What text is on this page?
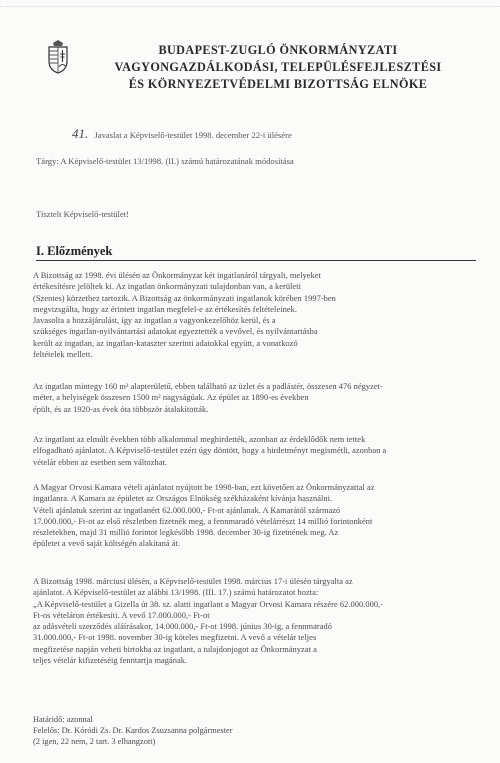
BUDAPEST-ZUGLÓ ÖNKORMÁNYZATI
VAGYONGAZDÁLKODÁSI, TELEPÜLÉSFEJLESZTÉSI
ÉS KÖRNYEZETVÉDELMI BIZOTTSÁG ELNÖKE
41. Javaslat a Képviselő-testület 1998. december 22-i ülésére
Tárgy: A Képviselő-testület 13/1998. (II.) számú határozatának módosítása
Tisztelt Képviselő-testület!
I. Előzmények
A Bizottság az 1998. évi ülésén az Önkormányzat két ingatlanáról tárgyalt, melyeket
értékesítésre jelöltek ki. Az ingatlan önkormányzati tulajdonban van, a kerületi
(Szentes) körzethez tartozik. A Bizottság az önkormányzati ingatlanok körében 1997-ben
megvizsgálta, hogy az érintett ingatlan megfelel-e az értékesítés feltételeinek.
Javasolta a hozzájárulást, így az ingatlan a vagyonkezelőhöz kerül, és a
szükséges ingatlan-nyilvántartási adatokat egyeztették a vevővel, és nyilvántartásba
került az ingatlan, az ingatlan-kataszter szerinti adatokkal együtt, a vonatkozó
feltételek mellett.
Az ingatlan mintegy 160 m² alapterületű, ebben található az üzlet és a padlástér, összesen 476 négyzet-
méter, a helyiségek összesen 1500 m² nagyságúak. Az épület az 1890-es években
épült, és az 1920-as évek óta többször átalakították.
Az ingatlant az elmúlt években több alkalommal meghirdették, azonban az érdeklődők nem tettek
elfogadható ajánlatot. A Képviselő-testület ezért úgy döntött, hogy a hirdetményt megismétli, azonban a
vételár ebben az esetben sem változhat.
A Magyar Orvosi Kamara vételi ajánlatot nyújtott be 1998-ban, ezt követően az Önkormányzattal az
ingatlanra. A Kamara az épületet az Országos Elnökség székházaként kívánja használni.
Vételi ajánlatuk szerint az ingatlanért 62.000.000,- Ft-ot ajánlanak. A Kamarától származó
17.000.000,- Ft-ot az első részletben fizetnék meg, a fennmaradó vételárrészt 14 millió forintonként
részletekben, majd 31 millió forintot legkésőbb 1998. december 30-ig fizetnének meg. Az
épületet a vevő saját költségén alakítaná át.
A Bizottság 1998. márciusi ülésén, a Képviselő-testület 1998. március 17-i ülésén tárgyalta az
ajánlatot. A Képviselő-testület az alábbi 13/1998. (III. 17.) számú határozatot hozta:
„A Képviselő-testület a Gizella út 38. sz. alatti ingatlant a Magyar Orvosi Kamara részére 62.000.000,-
Ft-os vételáron értékesíti. A vevő 17.000.000,- Ft-ot
az adásvételi szerződés aláírásakor, 14.000.000,- Ft-ot 1998. június 30-ig, a fennmaradó
31.000.000,- Ft-ot 1998. november 30-ig köteles megfizetni. A vevő a vételár teljes
megfizetése napján veheti birtokba az ingatlant, a tulajdonjogot az Önkormányzat a
teljes vételár kifizetéséig fenntartja magának.
Határidő: azonnal
Felelős: Dr. Kóródi Zs. Dr. Kardos Zsuzsanna polgármester
(2 igen, 22 nem, 2 tart. 3 elhangzott)
